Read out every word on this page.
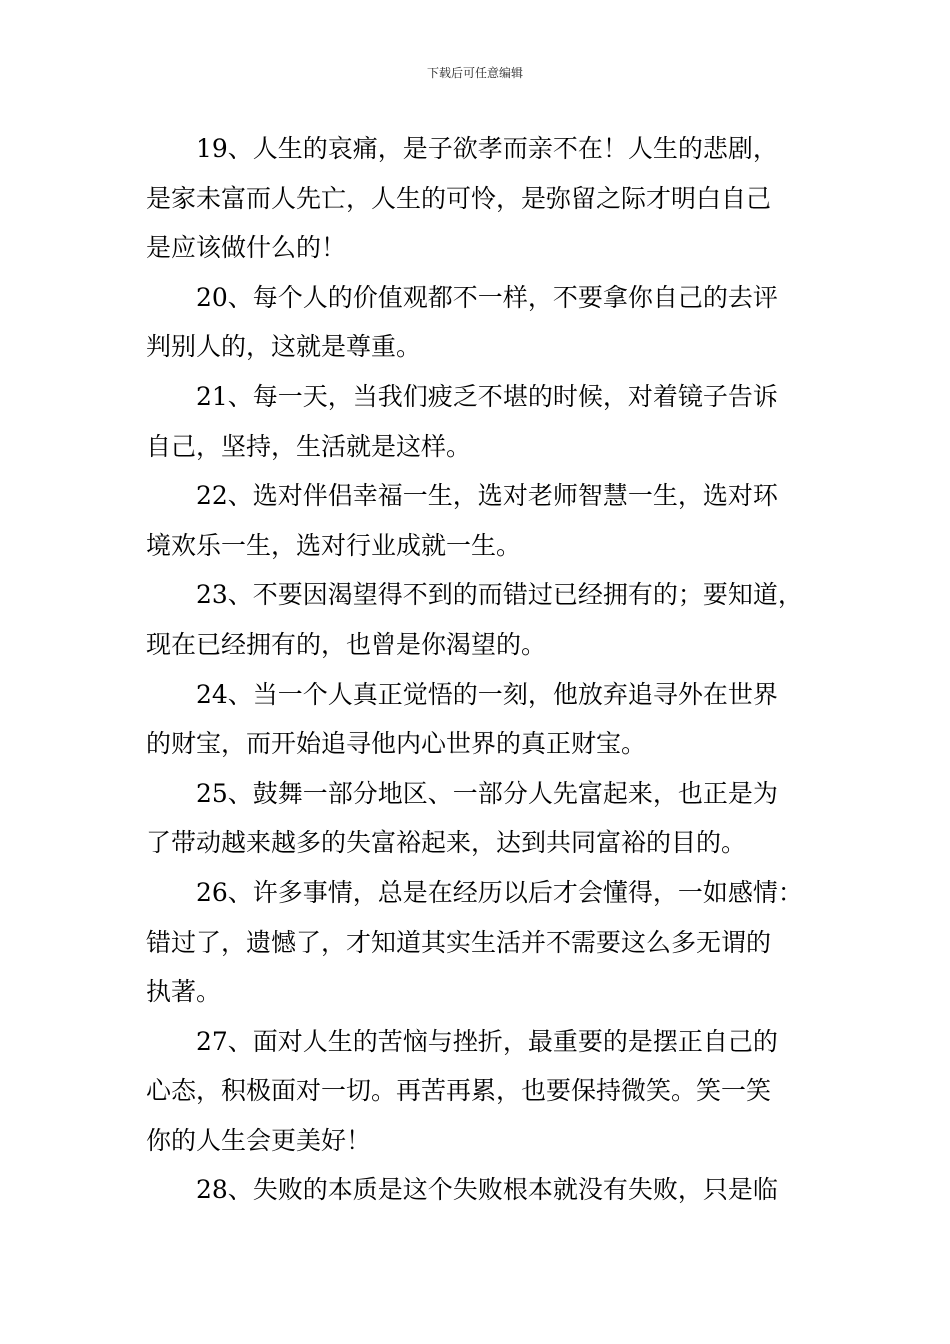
下载后可任意编辑

19、人生的哀痛，是子欲孝而亲不在！人生的悲剧，
是家未富而人先亡，人生的可怜，是弥留之际才明白自己
是应该做什么的！

20、每个人的价值观都不一样，不要拿你自己的去评
判别人的，这就是尊重。

21、每一天，当我们疲乏不堪的时候，对着镜子告诉
自己，坚持，生活就是这样。

22、选对伴侣幸福一生，选对老师智慧一生，选对环
境欢乐一生，选对行业成就一生。

23、不要因渴望得不到的而错过已经拥有的；要知道，
现在已经拥有的，也曾是你渴望的。

24、当一个人真正觉悟的一刻，他放弃追寻外在世界
的财宝，而开始追寻他内心世界的真正财宝。

25、鼓舞一部分地区、一部分人先富起来，也正是为
了带动越来越多的失富裕起来，达到共同富裕的目的。

26、许多事情，总是在经历以后才会懂得，一如感情：
错过了，遗憾了，才知道其实生活并不需要这么多无谓的
执著。

27、面对人生的苦恼与挫折，最重要的是摆正自己的
心态，积极面对一切。再苦再累，也要保持微笑。笑一笑
你的人生会更美好！

28、失败的本质是这个失败根本就没有失败，只是临
